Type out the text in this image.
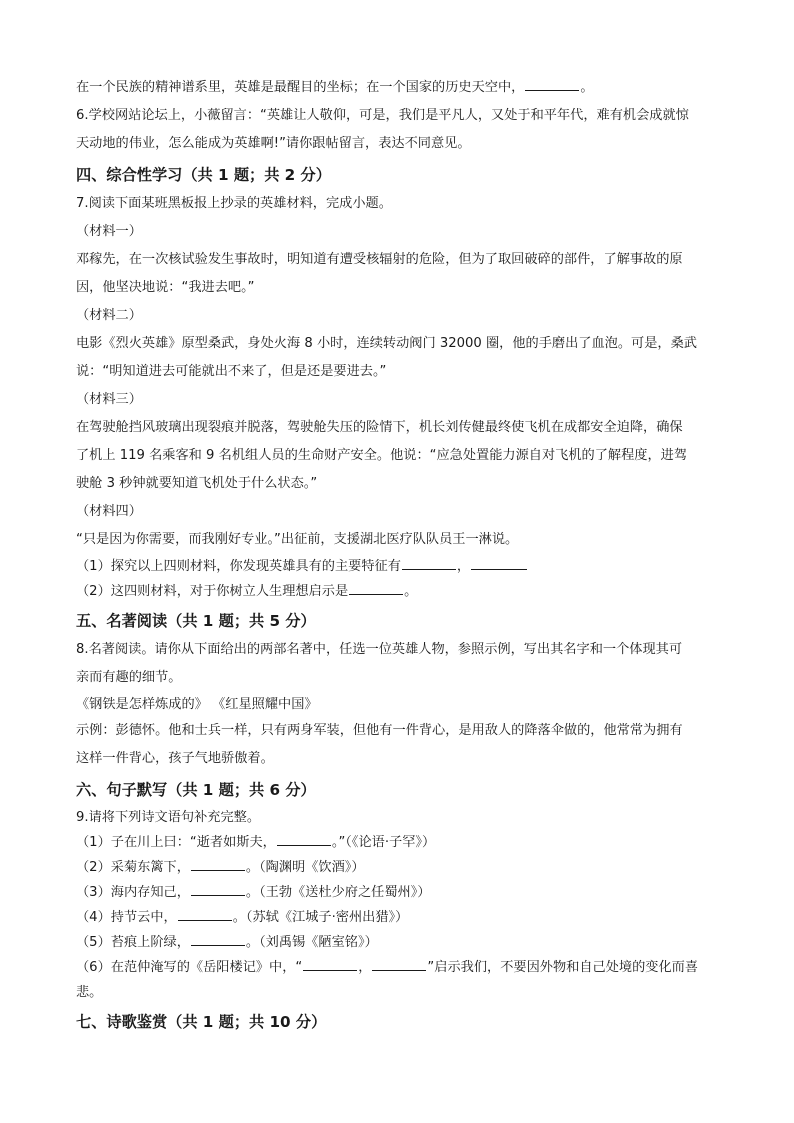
在一个民族的精神谱系里，英雄是最醒目的坐标；在一个国家的历史天空中，	。

6.学校网站论坛上，小薇留言：“英雄让人敬仰，可是，我们是平凡人，又处于和平年代，难有机会成就惊

天动地的伟业，怎么能成为英雄啊!”请你跟帖留言，表达不同意见。

四、综合性学习（共 1 题；共 2 分）

7.阅读下面某班黑板报上抄录的英雄材料，完成小题。

（材料一）

邓稼先，在一次核试验发生事故时，明知道有遭受核辐射的危险，但为了取回破碎的部件，了解事故的原

因，他坚决地说：“我进去吧。”

（材料二）

电影《烈火英雄》原型桑武，身处火海 8 小时，连续转动阀门 32000 圈，他的手磨出了血泡。可是，桑武

说：“明知道进去可能就出不来了，但是还是要进去。”

（材料三）

在驾驶舱挡风玻璃出现裂痕并脱落，驾驶舱失压的险情下，机长刘传健最终使飞机在成都安全迫降，确保

了机上 119 名乘客和 9 名机组人员的生命财产安全。他说：“应急处置能力源自对飞机的了解程度，进驾

驶舱 3 秒钟就要知道飞机处于什么状态。”

（材料四）

“只是因为你需要，而我刚好专业。”出征前，支援湖北医疗队队员王一淋说。

（1）探究以上四则材料，你发现英雄具有的主要特征有	，

（2）这四则材料，对于你树立人生理想启示是	。

五、名著阅读（共 1 题；共 5 分）

8.名著阅读。请你从下面给出的两部名著中，任选一位英雄人物，参照示例，写出其名字和一个体现其可

亲而有趣的细节。

《钢铁是怎样炼成的》 《红星照耀中国》

示例：彭德怀。他和士兵一样，只有两身军装，但他有一件背心，是用敌人的降落伞做的，他常常为拥有

这样一件背心，孩子气地骄傲着。

六、句子默写（共 1 题；共 6 分）

9.请将下列诗文语句补充完整。

（1）子在川上曰：“逝者如斯夫，	。”（《论语·子罕》）

（2）采菊东篱下，	。（陶渊明《饮酒》）

（3）海内存知己，	。（王勃《送杜少府之任蜀州》）

（4）持节云中，	。（苏轼《江城子·密州出猎》）

（5）苔痕上阶绿，	。（刘禹锡《陋室铭》）

（6）在范仲淹写的《岳阳楼记》中，“	，	”启示我们，不要因外物和自己处境的变化而喜

悲。

七、诗歌鉴赏（共 1 题；共 10 分）
